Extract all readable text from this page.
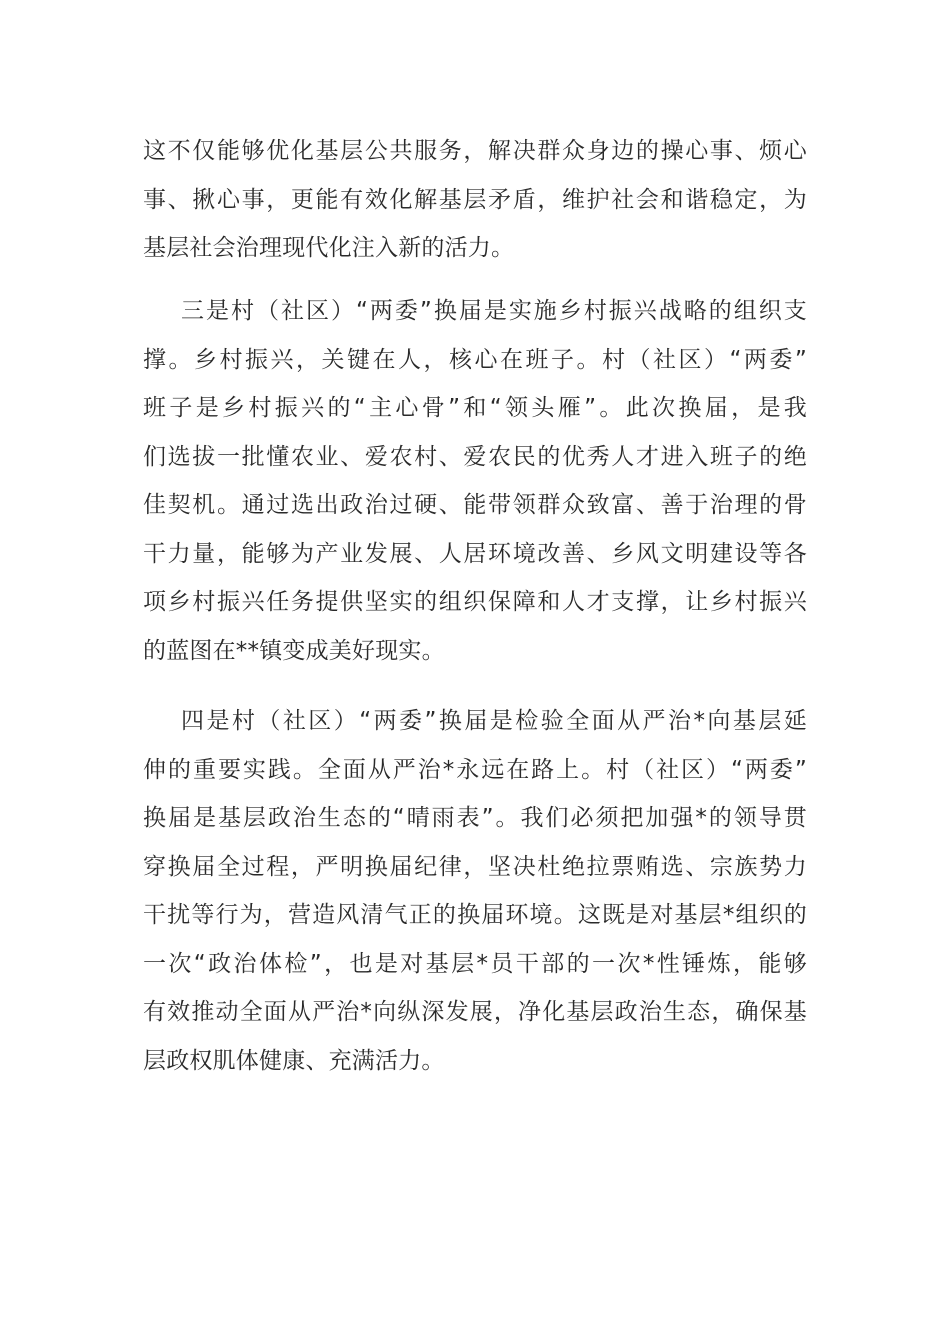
这不仅能够优化基层公共服务，解决群众身边的操心事、烦心
事、揪心事，更能有效化解基层矛盾，维护社会和谐稳定，为
基层社会治理现代化注入新的活力。
三是村（社区）“两委”换届是实施乡村振兴战略的组织支
撑。乡村振兴，关键在人，核心在班子。村（社区）“两委”
班子是乡村振兴的“主心骨”和“领头雁”。此次换届，是我
们选拔一批懂农业、爱农村、爱农民的优秀人才进入班子的绝
佳契机。通过选出政治过硬、能带领群众致富、善于治理的骨
干力量，能够为产业发展、人居环境改善、乡风文明建设等各
项乡村振兴任务提供坚实的组织保障和人才支撑，让乡村振兴
的蓝图在**镇变成美好现实。
四是村（社区）“两委”换届是检验全面从严治*向基层延
伸的重要实践。全面从严治*永远在路上。村（社区）“两委”
换届是基层政治生态的“晴雨表”。我们必须把加强*的领导贯
穿换届全过程，严明换届纪律，坚决杜绝拉票贿选、宗族势力
干扰等行为，营造风清气正的换届环境。这既是对基层*组织的
一次“政治体检”，也是对基层*员干部的一次*性锤炼，能够
有效推动全面从严治*向纵深发展，净化基层政治生态，确保基
层政权肌体健康、充满活力。
